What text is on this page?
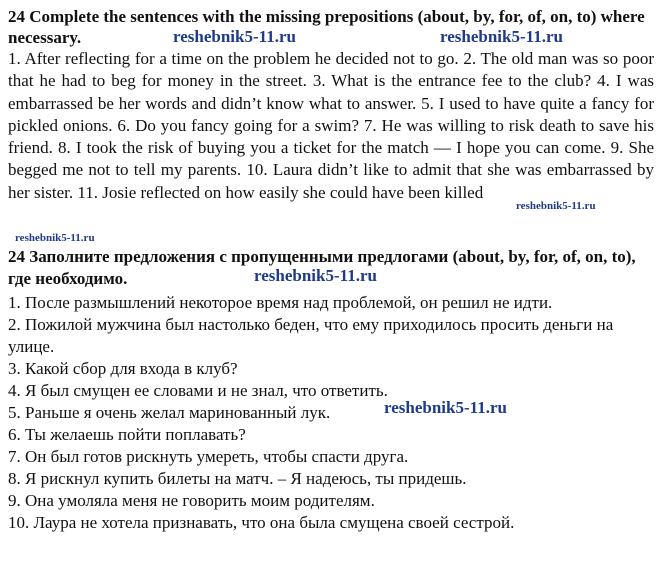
24 Complete the sentences with the missing prepositions (about, by, for, of, on, to) where necessary.

1. After reflecting for a time on the problem he decided not to go. 2. The old man was so poor that he had to beg for money in the street. 3. What is the entrance fee to the club? 4. I was embarrassed be her words and didn’t know what to answer. 5. I used to have quite a fancy for pickled onions. 6. Do you fancy going for a swim? 7. He was willing to risk death to save his friend. 8. I took the risk of buying you a ticket for the match — I hope you can come. 9. She begged me not to tell my parents. 10. Laura didn’t like to admit that she was embarrassed by her sister. 11. Josie reflected on how easily she could have been killed

reshebnik5-11.ru	reshebnik5-11.ru
reshebnik5-11.ru
reshebnik5-11.ru

24 Заполните предложения с пропущенными предлогами (about, by, for, of, on, to), где необходимо.

1. После размышлений некоторое время над проблемой, он решил не идти.

2. Пожилой мужчина был настолько беден, что ему приходилось просить деньги на улице.

3. Какой сбор для входа в клуб?

4. Я был смущен ее словами и не знал, что ответить.

5. Раньше я очень желал маринованный лук.

6. Ты желаешь пойти поплавать?

7. Он был готов рискнуть умереть, чтобы спасти друга.

8. Я рискнул купить билеты на матч. – Я надеюсь, ты придешь.

9. Она умоляла меня не говорить моим родителям.

10. Лаура не хотела признавать, что она была смущена своей сестрой.

reshebnik5-11.ru
reshebnik5-11.ru
